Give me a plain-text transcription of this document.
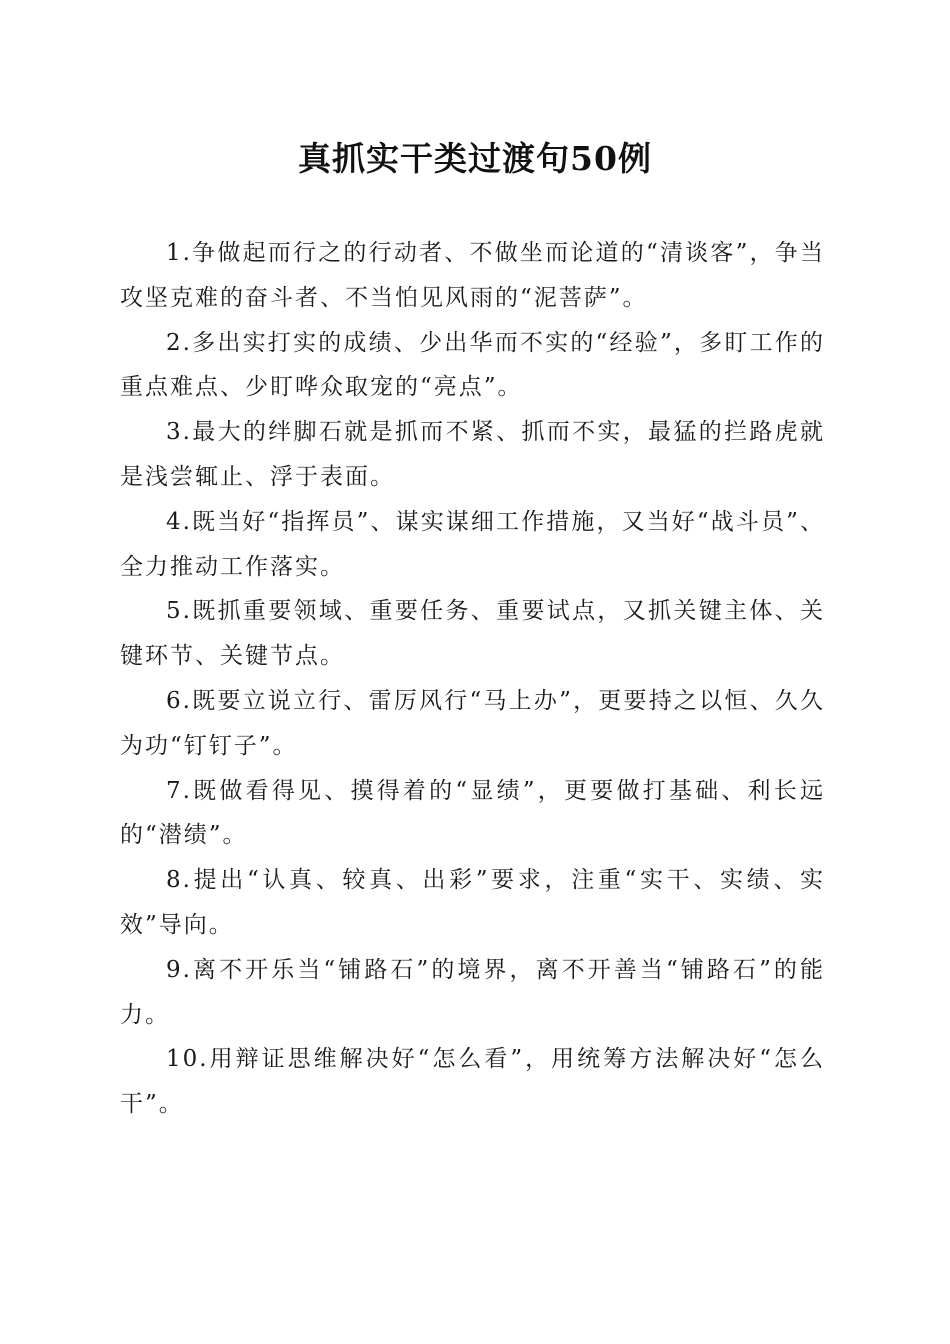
真抓实干类过渡句50例

1.争做起而行之的行动者、不做坐而论道的“清谈客”，争当攻坚克难的奋斗者、不当怕见风雨的“泥菩萨”。

2.多出实打实的成绩、少出华而不实的“经验”，多盯工作的重点难点、少盯哗众取宠的“亮点”。

3.最大的绊脚石就是抓而不紧、抓而不实，最猛的拦路虎就是浅尝辄止、浮于表面。

4.既当好“指挥员”、谋实谋细工作措施，又当好“战斗员”、全力推动工作落实。

5.既抓重要领域、重要任务、重要试点，又抓关键主体、关键环节、关键节点。

6.既要立说立行、雷厉风行“马上办”，更要持之以恒、久久为功“钉钉子”。

7.既做看得见、摸得着的“显绩”，更要做打基础、利长远的“潜绩”。

8.提出“认真、较真、出彩”要求，注重“实干、实绩、实效”导向。

9.离不开乐当“铺路石”的境界，离不开善当“铺路石”的能力。

10.用辩证思维解决好“怎么看”，用统筹方法解决好“怎么干”。
